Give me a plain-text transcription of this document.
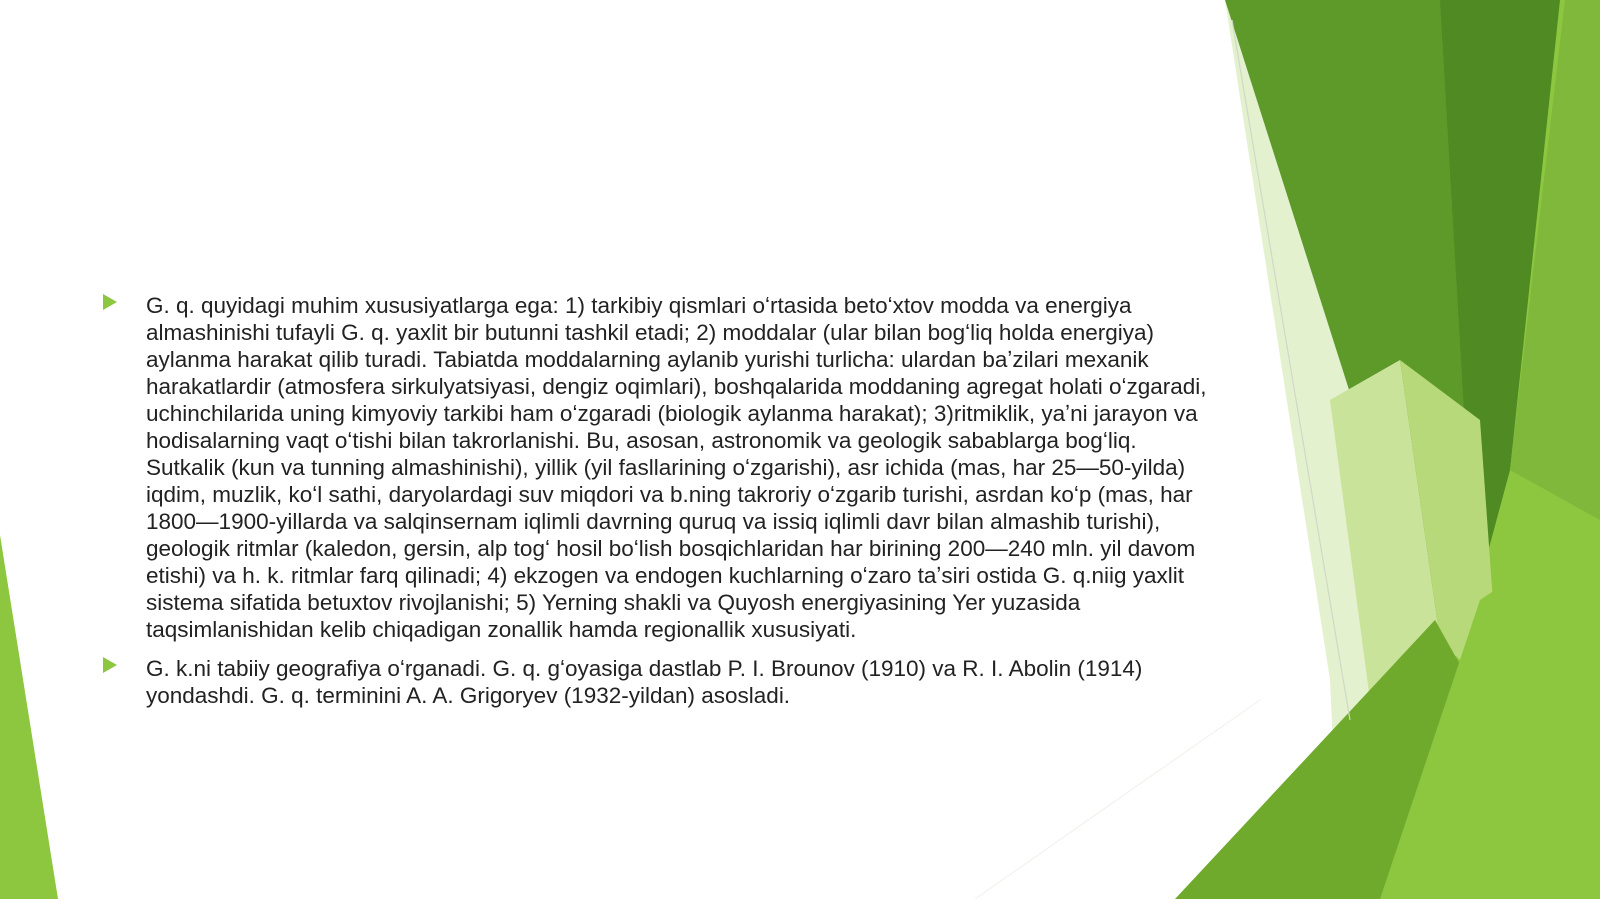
G. q. quyidagi muhim xususiyatlarga ega: 1) tarkibiy qismlari oʻrtasida betoʻxtov modda va energiya almashinishi tufayli G. q. yaxlit bir butunni tashkil etadi; 2) moddalar (ular bilan bogʻliq holda energiya) aylanma harakat qilib turadi. Tabiatda moddalarning aylanib yurishi turlicha: ulardan baʼzilari mexanik harakatlardir (atmosfera sirkulyatsiyasi, dengiz oqimlari), boshqalarida moddaning agregat holati oʻzgaradi, uchinchilarida uning kimyoviy tarkibi ham oʻzgaradi (biologik aylanma harakat); 3)ritmiklik, yaʼni jarayon va hodisalarning vaqt oʻtishi bilan takrorlanishi. Bu, asosan, astronomik va geologik sabablarga bogʻliq. Sutkalik (kun va tunning almashinishi), yillik (yil fasllarining oʻzgarishi), asr ichida (mas, har 25—50-yilda) iqdim, muzlik, koʻl sathi, daryolardagi suv miqdori va b.ning takroriy oʻzgarib turishi, asrdan koʻp (mas, har 1800—1900-yillarda va salqinsernam iqlimli davrning quruq va issiq iqlimli davr bilan almashib turishi), geologik ritmlar (kaledon, gersin, alp togʻ hosil boʻlish bosqichlaridan har birining 200—240 mln. yil davom etishi) va h. k. ritmlar farq qilinadi; 4) ekzogen va endogen kuchlarning oʻzaro taʼsiri ostida G. q.niig yaxlit sistema sifatida betuxtov rivojlanishi; 5) Yerning shakli va Quyosh energiyasining Yer yuzasida taqsimlanishidan kelib chiqadigan zonallik hamda regionallik xususiyati.
G. k.ni tabiiy geografiya oʻrganadi. G. q. gʻoyasiga dastlab P. I. Brounov (1910) va R. I. Abolin (1914) yondashdi. G. q. terminini A. A. Grigoryev (1932-yildan) asosladi.
